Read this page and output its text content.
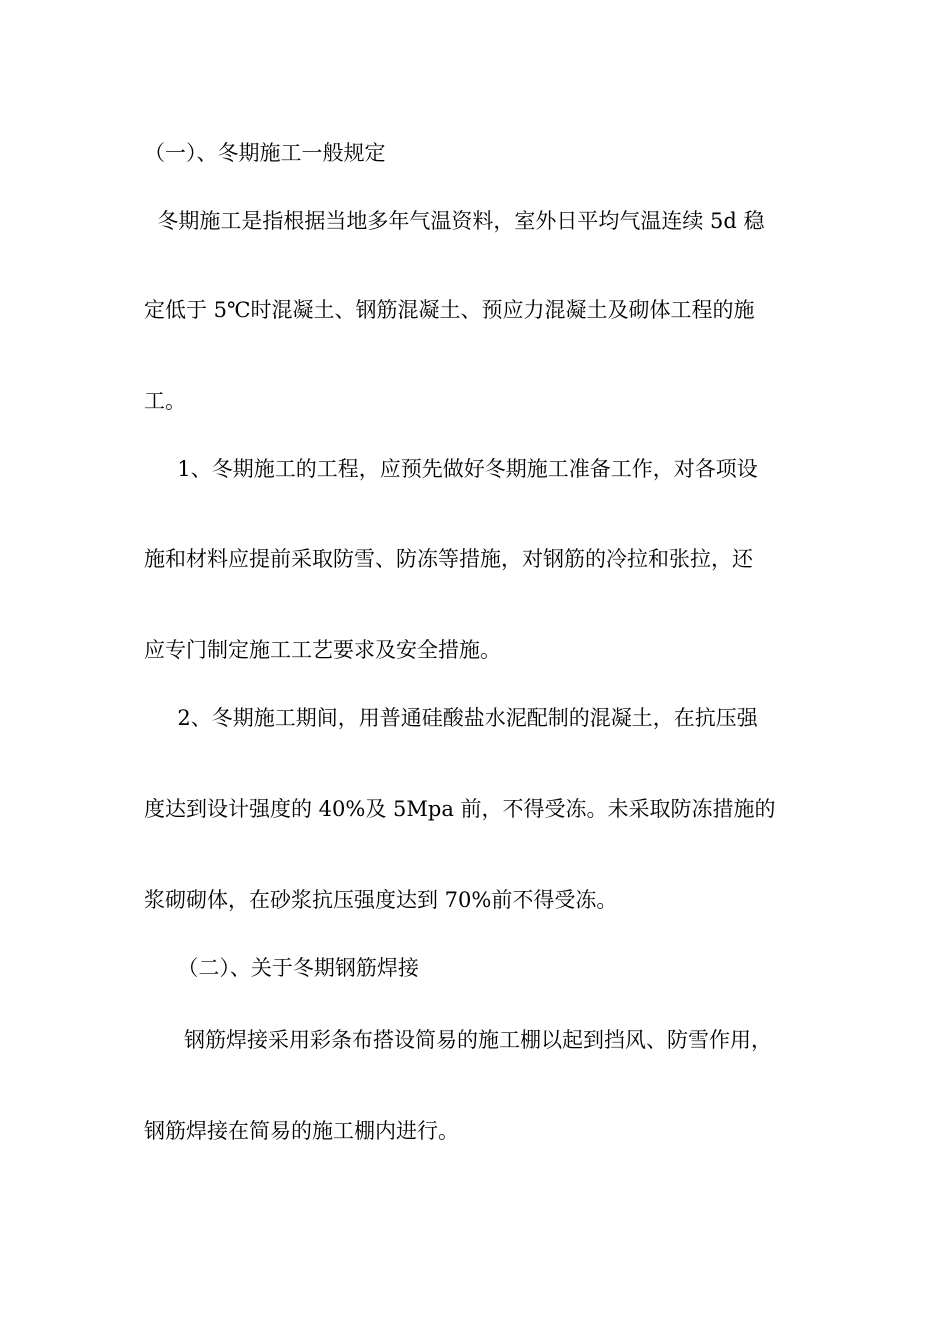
（一）、冬期施工一般规定
冬期施工是指根据当地多年气温资料，室外日平均气温连续 5d 稳
定低于 5℃时混凝土、钢筋混凝土、预应力混凝土及砌体工程的施
工。
1、冬期施工的工程，应预先做好冬期施工准备工作，对各项设
施和材料应提前采取防雪、防冻等措施，对钢筋的冷拉和张拉，还
应专门制定施工工艺要求及安全措施。
2、冬期施工期间，用普通硅酸盐水泥配制的混凝土，在抗压强
度达到设计强度的 40%及 5Mpa 前，不得受冻。未采取防冻措施的
浆砌砌体，在砂浆抗压强度达到 70%前不得受冻。
（二）、关于冬期钢筋焊接
钢筋焊接采用彩条布搭设简易的施工棚以起到挡风、防雪作用，
钢筋焊接在简易的施工棚内进行。
